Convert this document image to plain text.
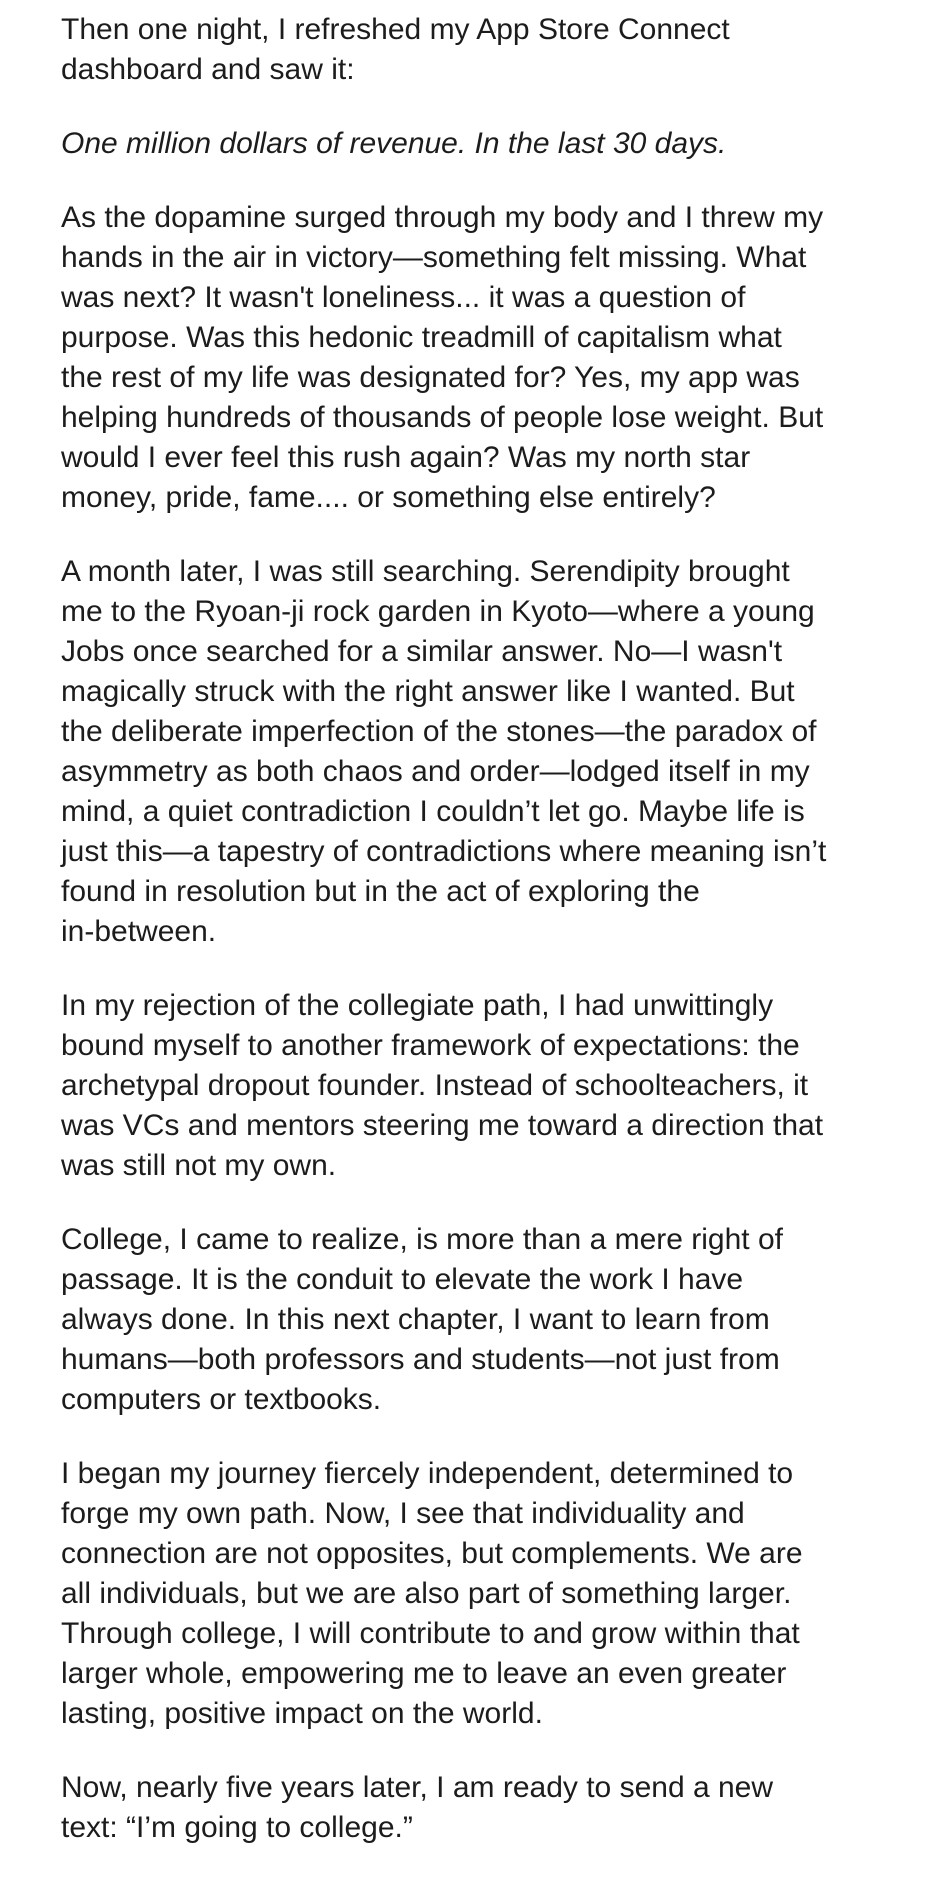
Then one night, I refreshed my App Store Connect
dashboard and saw it:

One million dollars of revenue. In the last 30 days.

As the dopamine surged through my body and I threw my
hands in the air in victory—something felt missing. What
was next? It wasn't loneliness... it was a question of
purpose. Was this hedonic treadmill of capitalism what
the rest of my life was designated for? Yes, my app was
helping hundreds of thousands of people lose weight. But
would I ever feel this rush again? Was my north star
money, pride, fame.... or something else entirely?

A month later, I was still searching. Serendipity brought
me to the Ryoan-ji rock garden in Kyoto—where a young
Jobs once searched for a similar answer. No—I wasn't
magically struck with the right answer like I wanted. But
the deliberate imperfection of the stones—the paradox of
asymmetry as both chaos and order—lodged itself in my
mind, a quiet contradiction I couldn’t let go. Maybe life is
just this—a tapestry of contradictions where meaning isn’t
found in resolution but in the act of exploring the
in-between.

In my rejection of the collegiate path, I had unwittingly
bound myself to another framework of expectations: the
archetypal dropout founder. Instead of schoolteachers, it
was VCs and mentors steering me toward a direction that
was still not my own.

College, I came to realize, is more than a mere right of
passage. It is the conduit to elevate the work I have
always done. In this next chapter, I want to learn from
humans—both professors and students—not just from
computers or textbooks.

I began my journey fiercely independent, determined to
forge my own path. Now, I see that individuality and
connection are not opposites, but complements. We are
all individuals, but we are also part of something larger.
Through college, I will contribute to and grow within that
larger whole, empowering me to leave an even greater
lasting, positive impact on the world.

Now, nearly five years later, I am ready to send a new
text: “I’m going to college.”
